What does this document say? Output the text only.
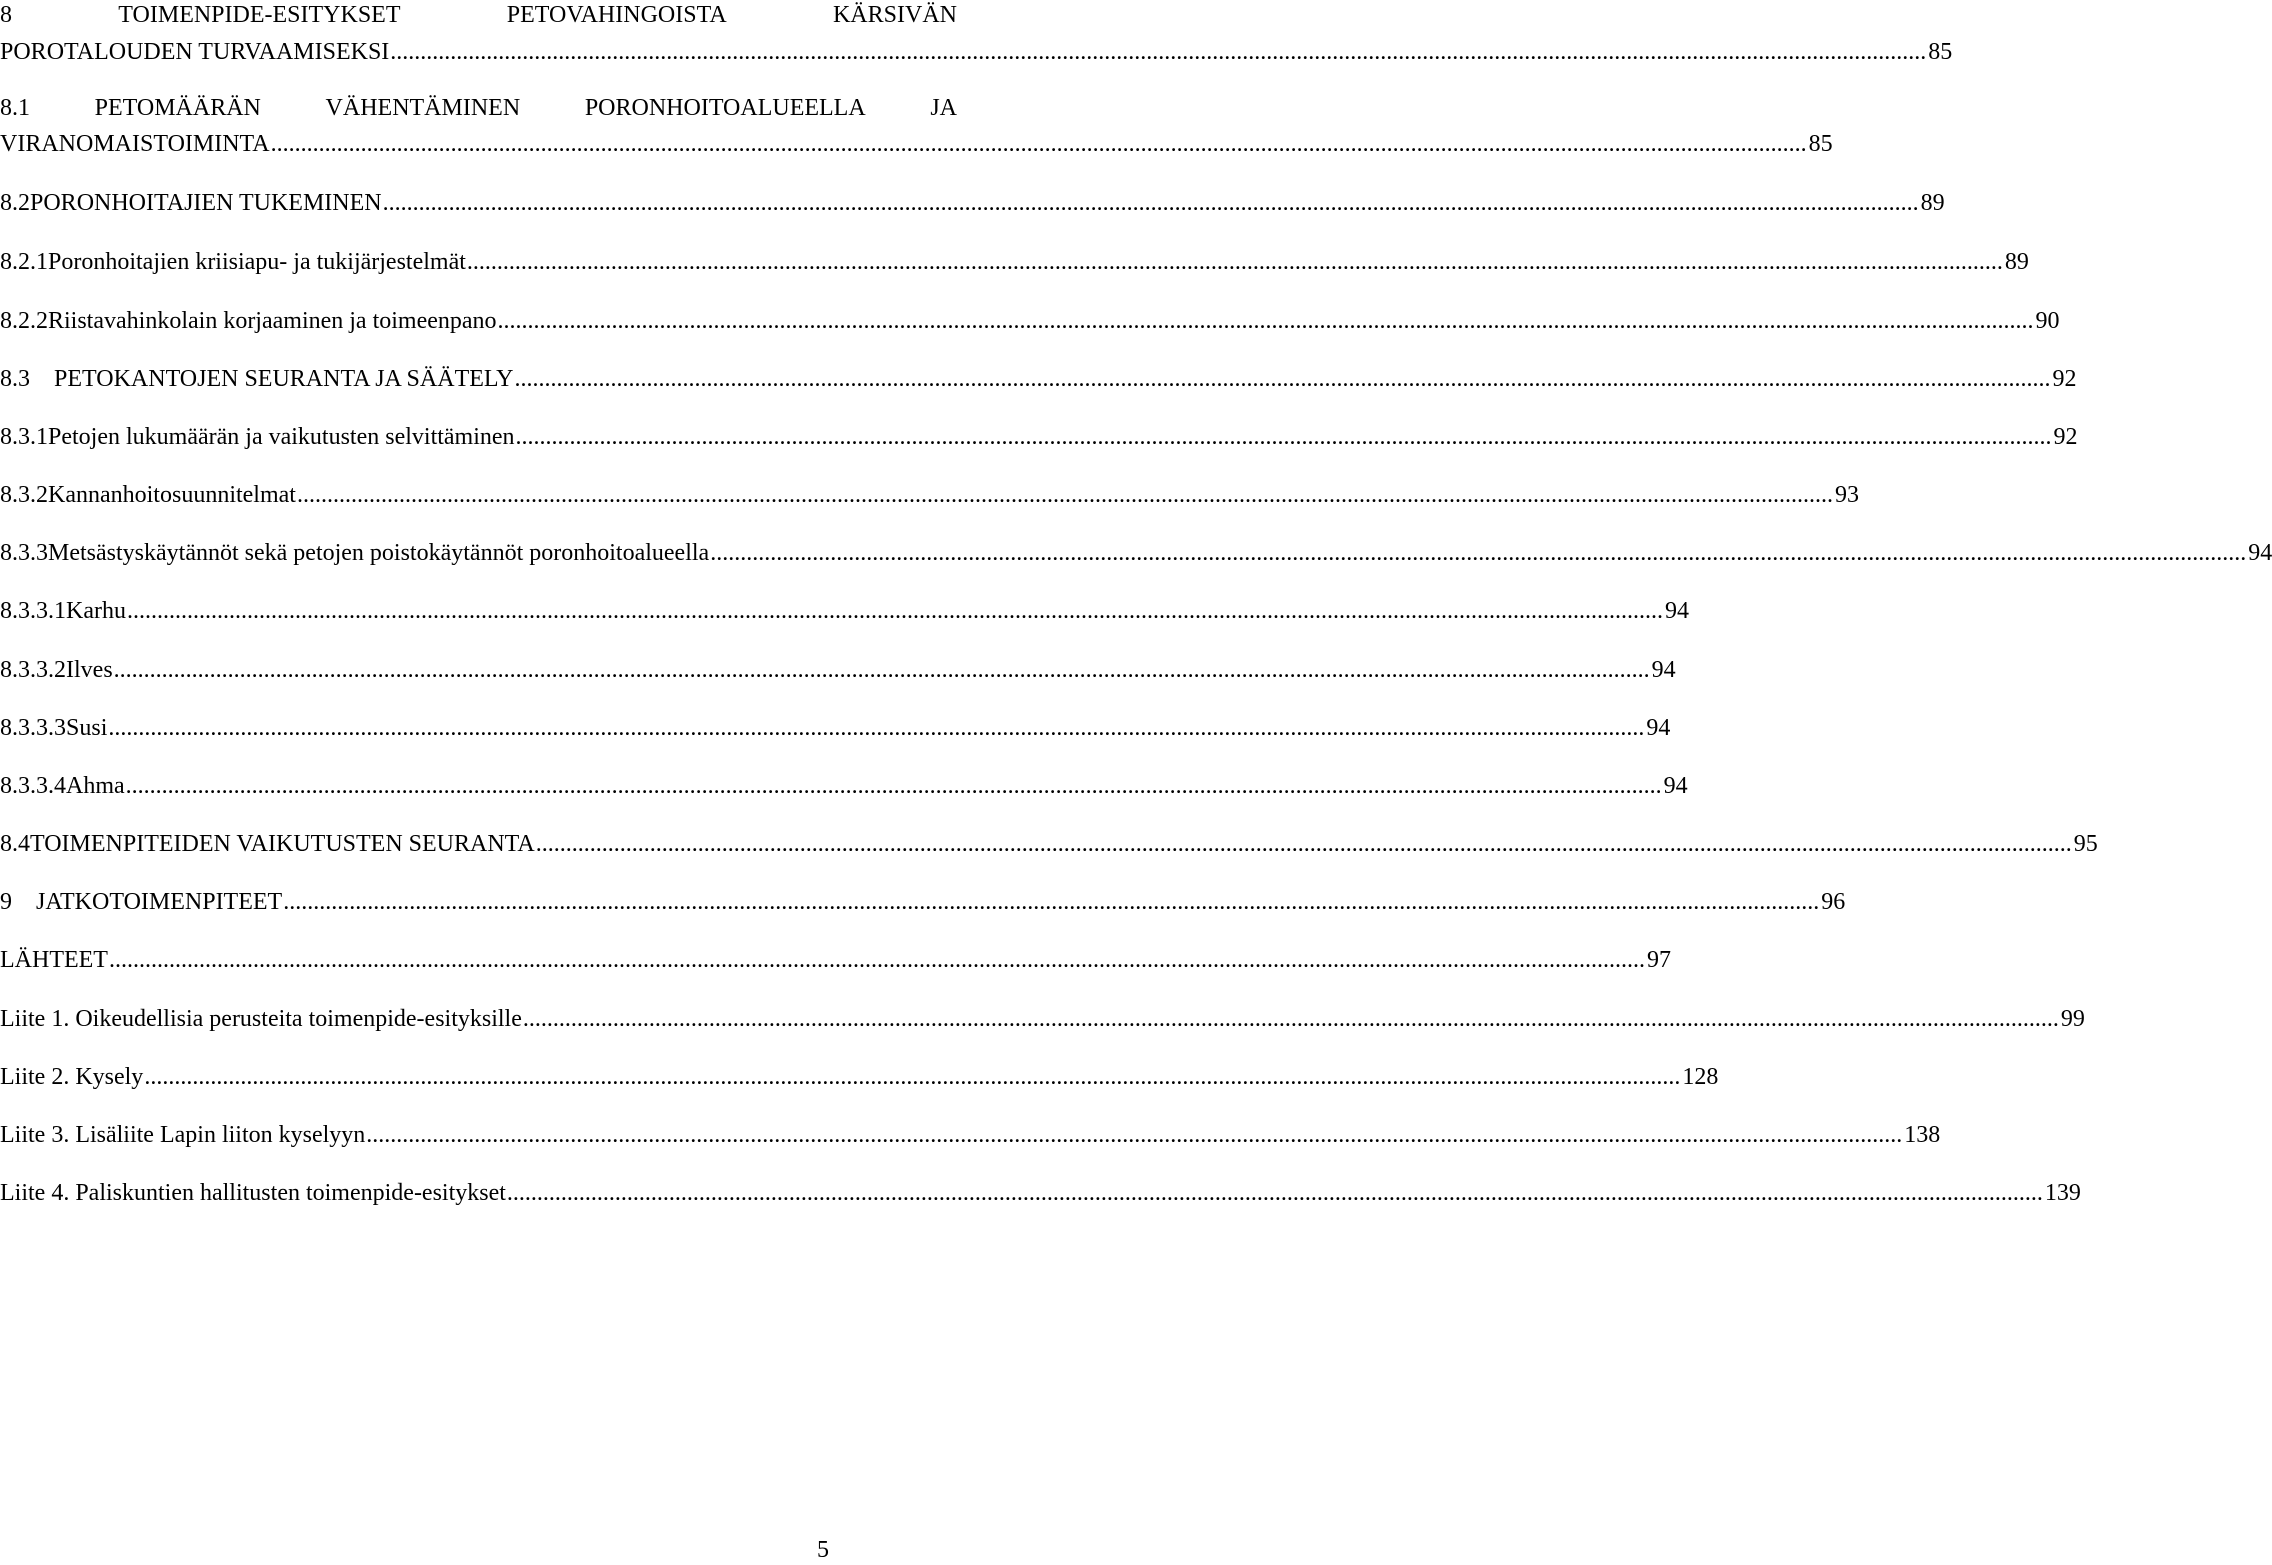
8	TOIMENPIDE-ESITYKSET	PETOVAHINGOISTA	KÄRSIVÄN
POROTALOUDEN TURVAAMISEKSI .....	85
8.1	PETOMÄÄRÄN	VÄHENTÄMINEN	PORONHOITOALUEELLA	JA
VIRANOMAISTOIMINTA .....	85
8.2 PORONHOITAJIEN TUKEMINEN .....	89
8.2.1 Poronhoitajien kriisiapu- ja tukijärjestelmät .....	89
8.2.2 Riistavahinkolain korjaaminen ja toimeenpano .....	90
8.3 PETOKANTOJEN SEURANTA JA SÄÄTELY .....	92
8.3.1 Petojen lukumäärän ja vaikutusten selvittäminen .....	92
8.3.2 Kannanhoitosuunnitelmat .....	93
8.3.3 Metsästyskäytännöt sekä petojen poistokäytännöt poronhoitoalueella .....	94
8.3.3.1 Karhu .....	94
8.3.3.2 Ilves .....	94
8.3.3.3 Susi .....	94
8.3.3.4 Ahma .....	94
8.4 TOIMENPITEIDEN VAIKUTUSTEN SEURANTA .....	95
9 JATKOTOIMENPITEET .....	96
LÄHTEET .....	97
Liite 1. Oikeudellisia perusteita toimenpide-esityksille .....	99
Liite 2. Kysely .....	128
Liite 3. Lisäliite Lapin liiton kyselyyn .....	138
Liite 4. Paliskuntien hallitusten toimenpide-esitykset .....	139
5
